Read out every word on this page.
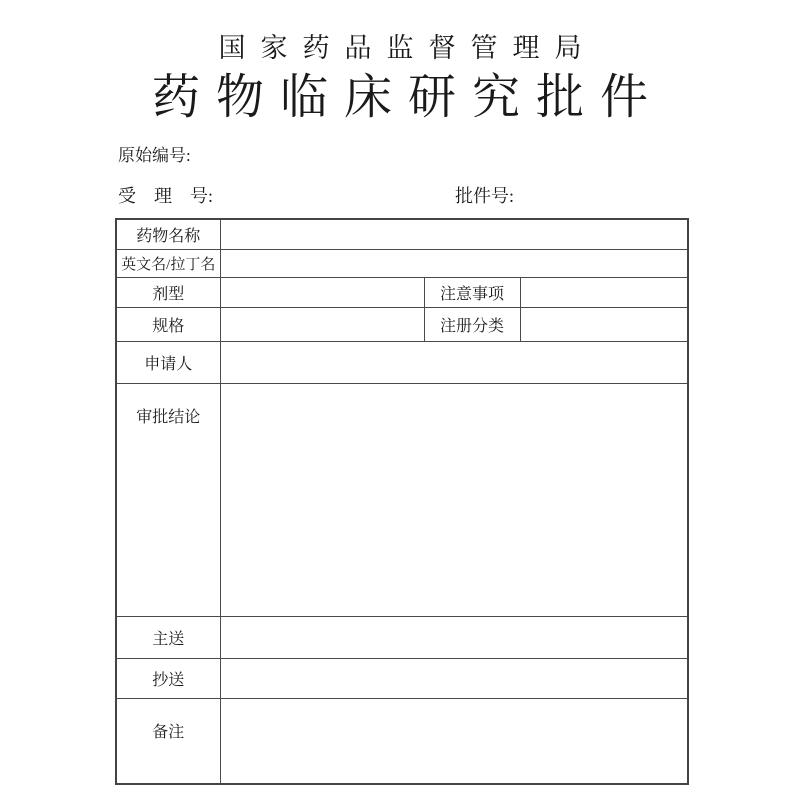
国家药品监督管理局
药物临床研究批件
原始编号:
受　理　号:	批件号:
药物名称			
英文名/拉丁名			
剂型		注意事项	
规格		注册分类	
申请人			
审批结论			
主送			
抄送			
备注			
